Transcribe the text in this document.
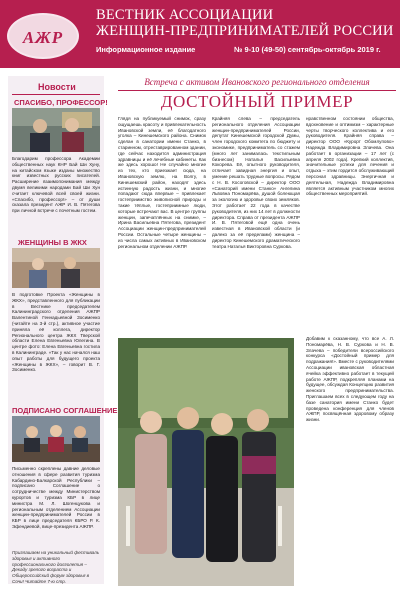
АЖР
ВЕСТНИК АССОЦИАЦИИ
ЖЕНЩИН-ПРЕДПРИНИМАТЕЛЕЙ РОССИИ
Информационное издание	№ 9-10 (49-50) сентябрь-октябрь 2019 г.
Новости
СПАСИБО, ПРОФЕССОР!
Благодарим профессора Академии общественных наук КНР Бай Ши Хуну, на китайском языке изданы множество книг известных русских писателей. Расширение взаимопонимания между двумя великими народами Бай Ши Хун считает ключевой всей своей жизни. «Спасибо, профессор!» – от души сказала президент АЖР И. В. Пятегова при личной встрече с почетным гостем.
ЖЕНЩИНЫ В ЖКХ
В подготовке Проекта «Женщины в ЖКХ», представленного для публикации в Вестнике председателем Калининградского отделения АЖПР Валентиной Геннадьевной Зосименко (читайте на 3-й стр.), активное участие приняла её коллега, директор Регионального центра ЖКХ Тверской области Елена Евгеньевна Юлегина. В центре фото: Елена Евгеньевна гостила в Калининграде. «Так у нас начался наш опыт работы для будущего проекта «Женщины в ЖКХ», – говорит В. Г. Зосименко.
ПОДПИСАНО СОГЛАШЕНИЕ
Письменно скреплены давние деловые отношения в сфере развития туризма Кабардино-Балкарской Республики – подписано Соглашение о сотрудничестве между Министерством курортов и туризма КБР в лице министра М. Л. Шогенцукова и региональным отделением Ассоциации женщин-предпринимателей России в КБР в лице председателя КБРО Р. К. Эфендиевой, вице-президента АЖПР.
Приглашаем на уникальный фестиваль здоровья и активного профессионального долголетия – Декаду зрелого возраста и Общероссийский форум здоровья в Сочи! Читайте 7-ю стр.
Встреча с активом Ивановского регионального отделения
ДОСТОЙНЫЙ ПРИМЕР
Глядя на публикуемый снимок, сразу ощущаешь красоту и привлекательность Ивановской земли, её благодатного уголка – Кинешемского района. Снимок сделан в санатории имени Станко, в старинном, отреставрированном здании, где сейчас находится администрация здравницы и её лечебные кабинеты. Как же здесь хорошо! Не случайно многие из тех, кто приезжает сюда, на Ивановскую землю, на Волгу, в Кинешемский район, находят здесь истинную радость жизни, и многие попадают сюда впервые – привлекает гостеприимство живописной природы и такие тёплые, гостеприимные люди, которые встречают вас. В центре группы женщин, запечатлённых на снимке, – Ирина Васильевна Пятегова, президент Ассоциации женщин-предпринимателей России. Остальные четыре женщины – из числа самых активных в Ивановском региональном отделении АЖПР.
Крайняя слева – председатель регионального отделения Ассоциации женщин-предпринимателей России, депутат Кинешемской городской Думы, член городского комитета по бюджету и экономике, предприниматель со стажем (много лет занималась текстильным бизнесом) Наталья Васильевна Кокорева. Её, опытного руководителя, отличает завидная энергия и опыт, умение решать трудные вопросы. Рядом с Н. В. Косоговской – директор ООО «Санаторий имени Станко» Ангелина Львовна Пономарёва, душой болеющая за экологию и здоровье своих земляков. Этот работает 22 года в качестве руководителя, из них 14 лет в должности директора. Справа от президента АЖПР И. В. Пятеговой ещё одна очень известная в Ивановской области (и далеко за её пределами) женщина – директор Кинешемского драматического театра Наталья Викторовна Суркова.
нравственном состоянии общества, вдохновение и оптимизм – характерные черты творческого коллектива и его руководителя. Крайняя справа – директор ООО «Курорт Обомлупово» Надежда Владимировна Злачева. Она работает в организации – 17 лет (с апреля 2002 года). Крепкий коллектив, значительные успехи для лечения и отдыха – этим гордится обслуживающий персонал здравницы. Энергичная и деятельная, Надежда Владимировна является активным участником многих общественных мероприятий.
Добавим к сказанному, что все А. Л. Пономарёва, Н. В. Суркова и Н. В. Злачева – победители всероссийского конкурса «Достойный пример для подражания!». Вместе с руководителями Ассоциации ивановская областная ячейка эффективно работает в текущей работе АЖПР, подкрепляя планами на будущее, обсуждая Концепцию развития женского предпринимательства. Приглашаем всех в следующем году на базе санатория имени Станко будет проведена конференция для членов АЖПР, посвящённая здоровому образу жизни.
